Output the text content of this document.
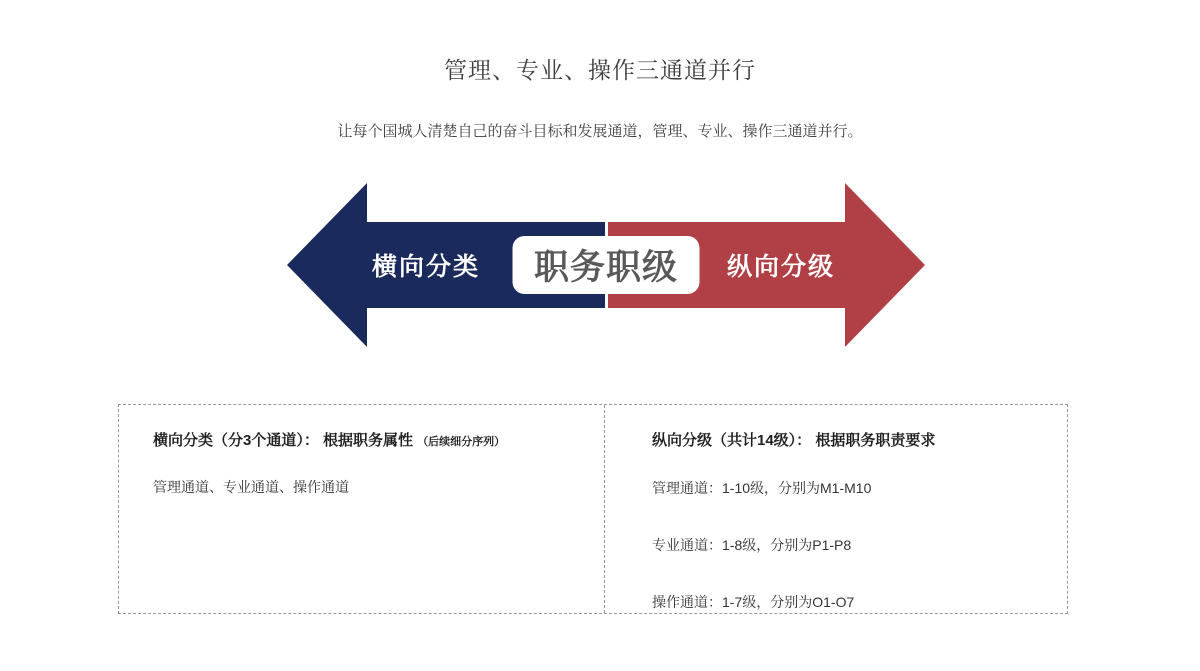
管理、专业、操作三通道并行
让每个国城人清楚自己的奋斗目标和发展通道，管理、专业、操作三通道并行。
横向分类	纵向分级
职务职级
横向分类（分3个通道）： 根据职务属性 （后续细分序列）
管理通道、专业通道、操作通道
纵向分级（共计14级）： 根据职务职责要求
管理通道：1-10级，分别为M1-M10
专业通道：1-8级，分别为P1-P8
操作通道：1-7级，分别为O1-O7
